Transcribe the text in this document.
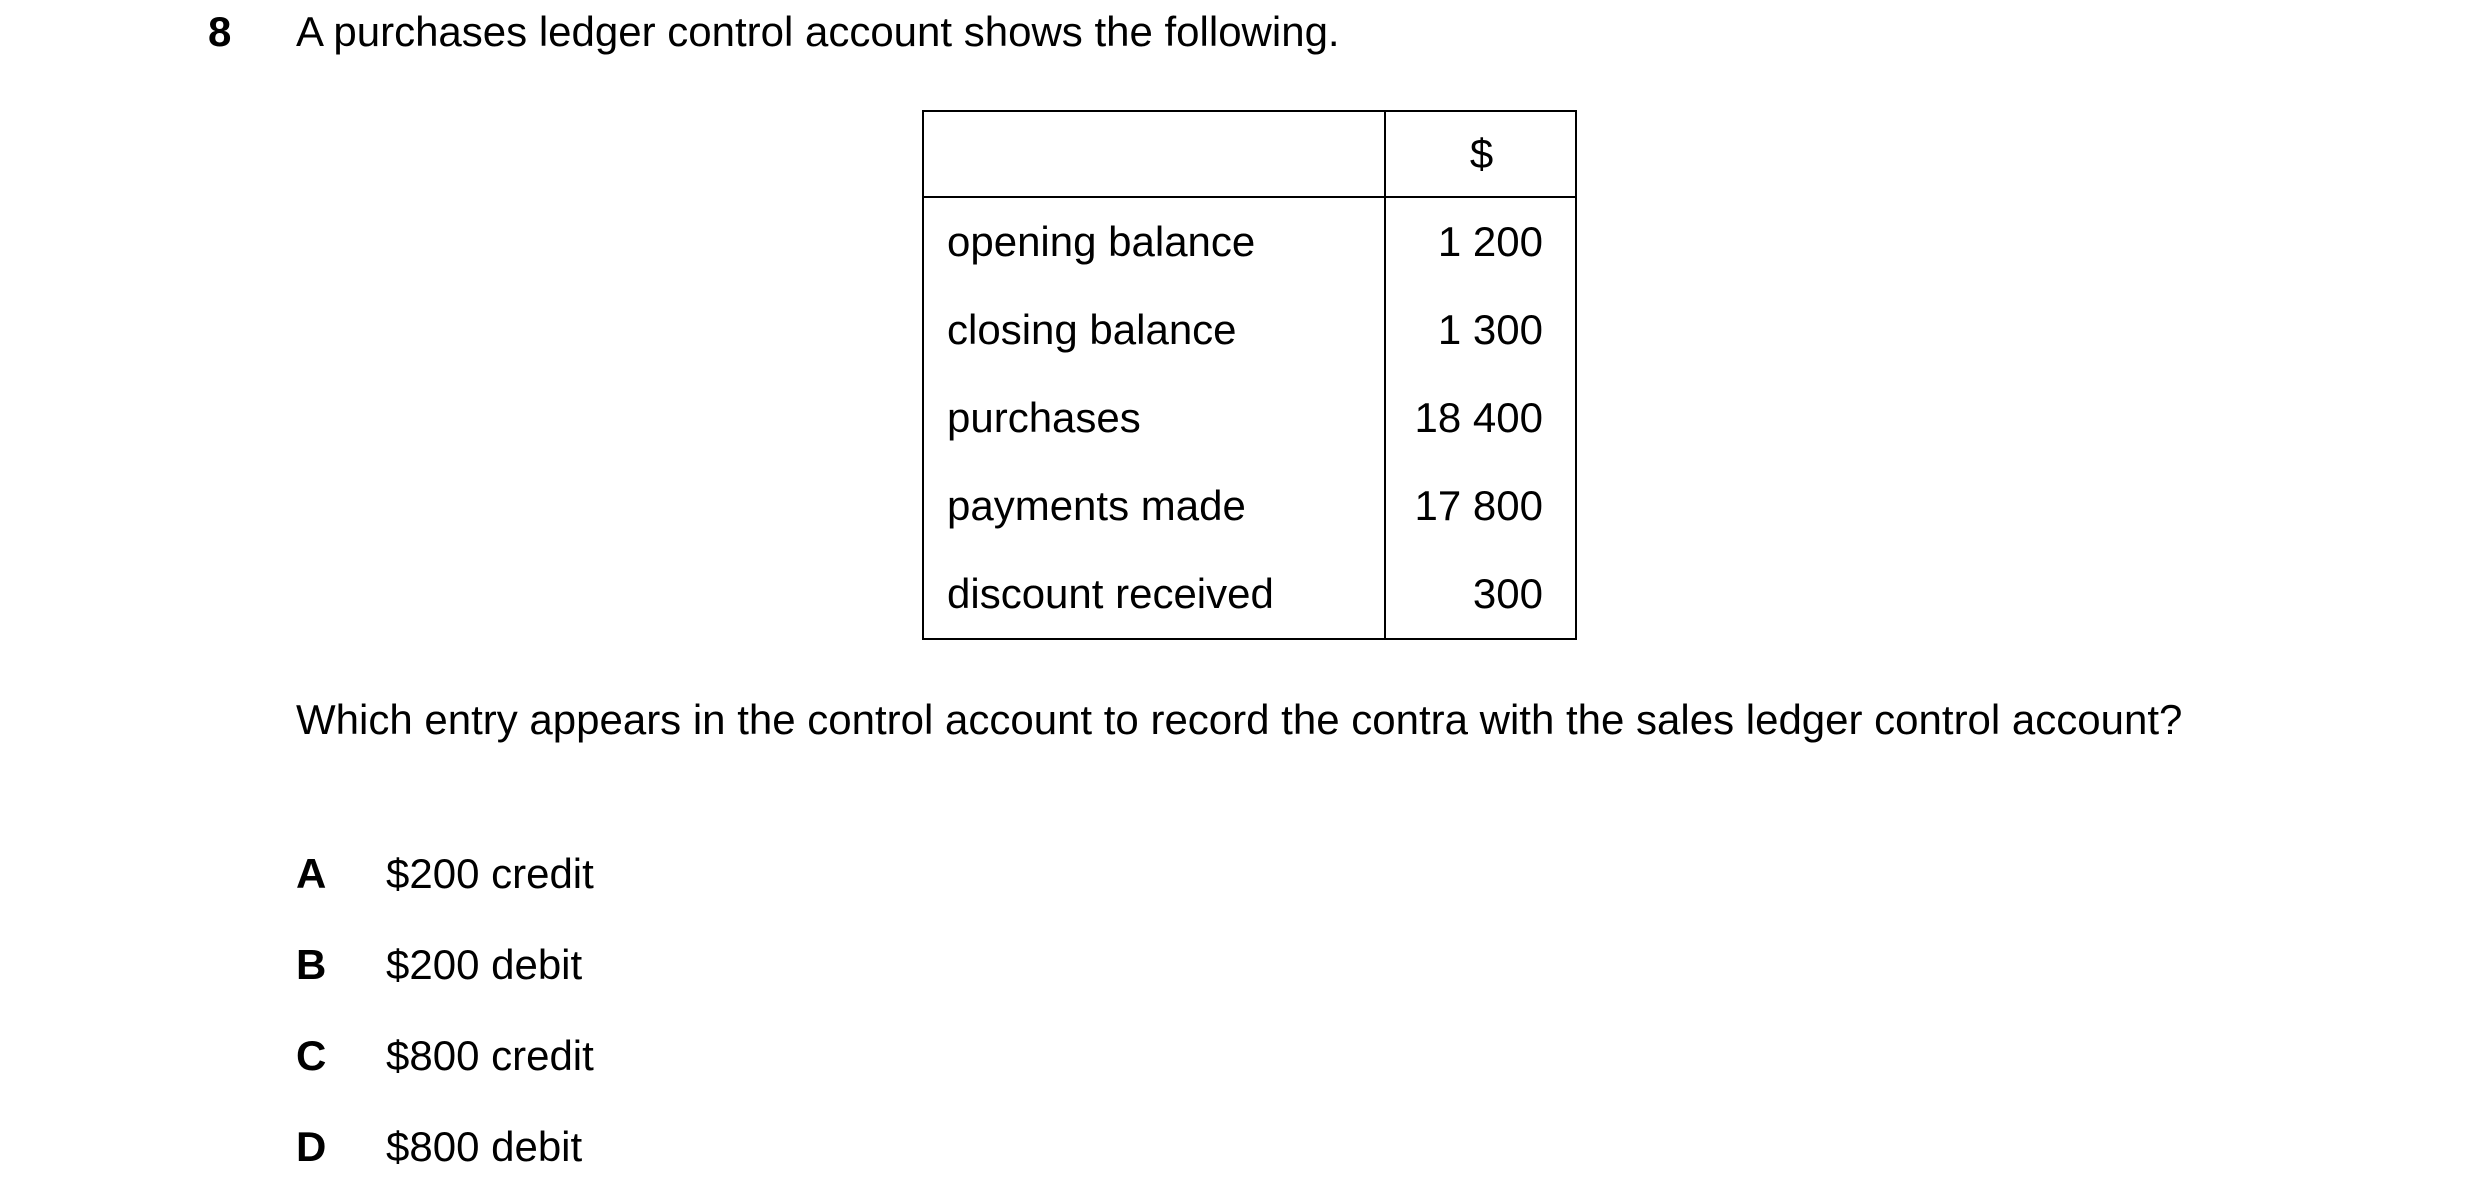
8 A purchases ledger control account shows the following.
$
opening balance	1 200
closing balance	1 300
purchases	18 400
payments made	17 800
discount received	300
Which entry appears in the control account to record the contra with the sales ledger control account?
A $200 credit
B $200 debit
C $800 credit
D $800 debit
